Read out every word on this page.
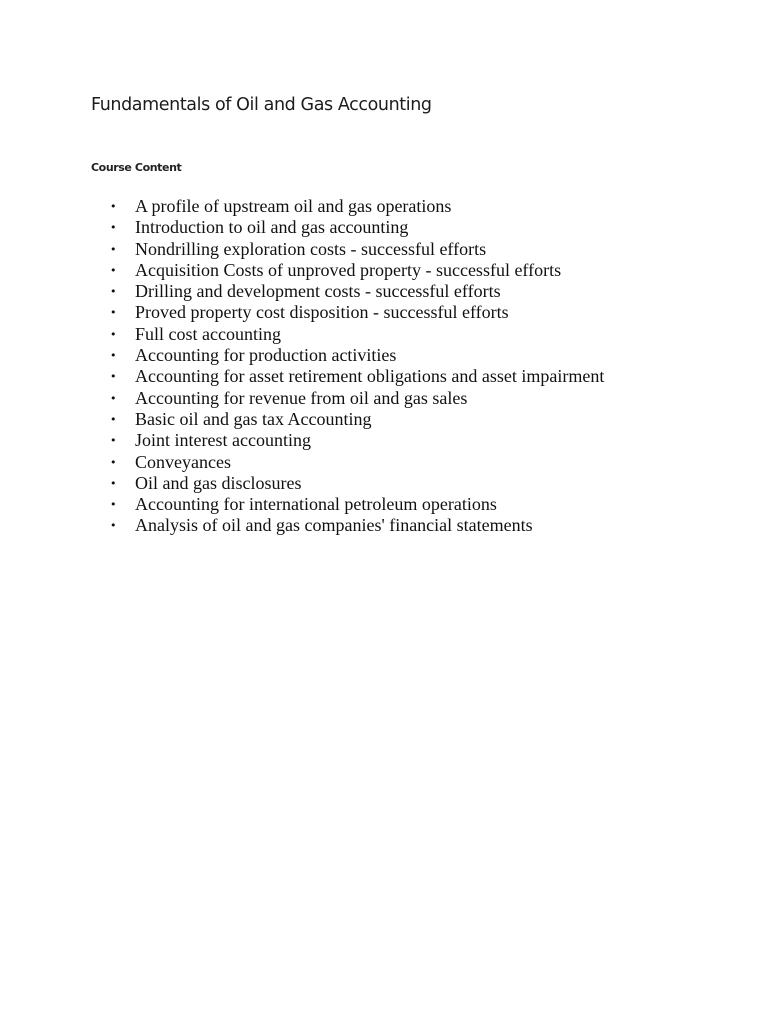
Fundamentals of Oil and Gas Accounting
Course Content
• A profile of upstream oil and gas operations
• Introduction to oil and gas accounting
• Nondrilling exploration costs - successful efforts
• Acquisition Costs of unproved property - successful efforts
• Drilling and development costs - successful efforts
• Proved property cost disposition - successful efforts
• Full cost accounting
• Accounting for production activities
• Accounting for asset retirement obligations and asset impairment
• Accounting for revenue from oil and gas sales
• Basic oil and gas tax Accounting
• Joint interest accounting
• Conveyances
• Oil and gas disclosures
• Accounting for international petroleum operations
• Analysis of oil and gas companies' financial statements
